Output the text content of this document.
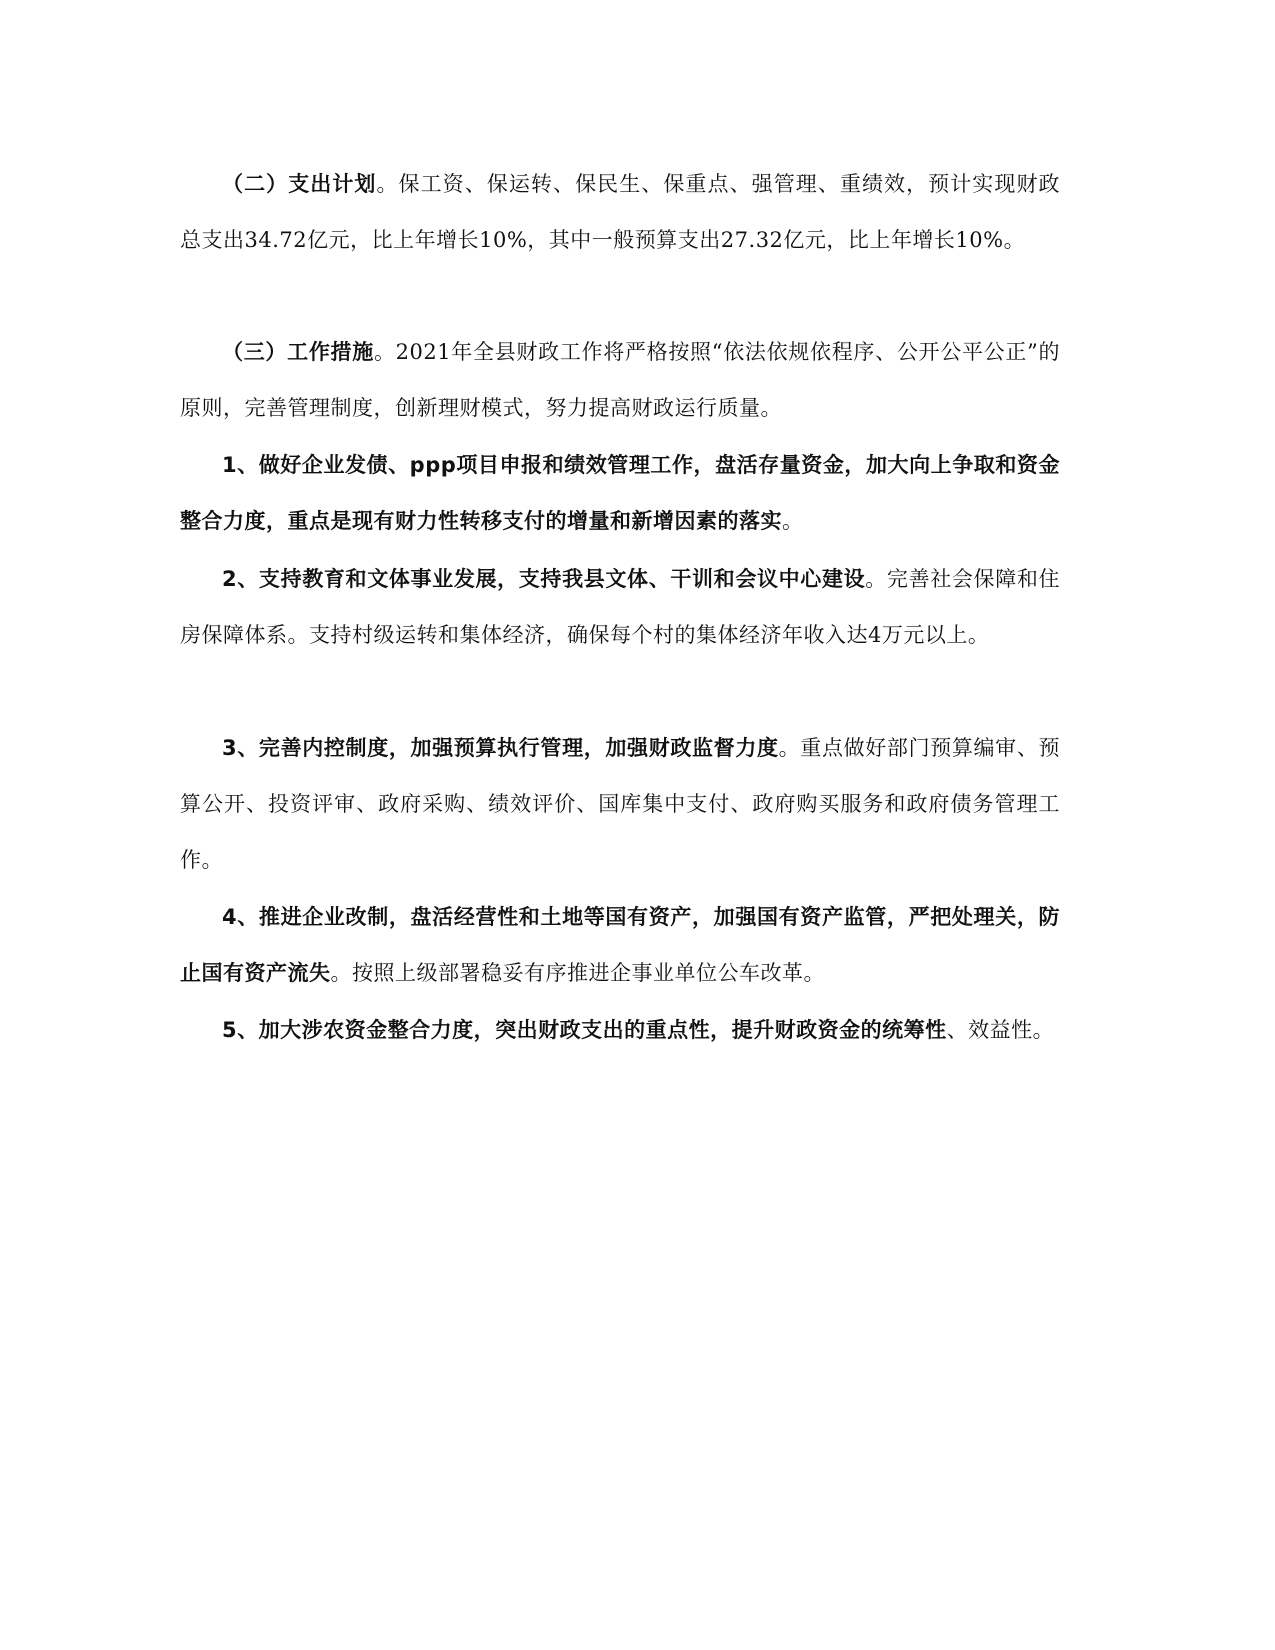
（二）支出计划。保工资、保运转、保民生、保重点、强管理、重绩效，预计实现财政总支出34.72亿元，比上年增长10%，其中一般预算支出27.32亿元，比上年增长10%。

（三）工作措施。2021年全县财政工作将严格按照“依法依规依程序、公开公平公正”的原则，完善管理制度，创新理财模式，努力提高财政运行质量。

1、做好企业发债、ppp项目申报和绩效管理工作，盘活存量资金，加大向上争取和资金整合力度，重点是现有财力性转移支付的增量和新增因素的落实。

2、支持教育和文体事业发展，支持我县文体、干训和会议中心建设。完善社会保障和住房保障体系。支持村级运转和集体经济，确保每个村的集体经济年收入达4万元以上。

3、完善内控制度，加强预算执行管理，加强财政监督力度。重点做好部门预算编审、预算公开、投资评审、政府采购、绩效评价、国库集中支付、政府购买服务和政府债务管理工作。

4、推进企业改制，盘活经营性和土地等国有资产，加强国有资产监管，严把处理关，防止国有资产流失。按照上级部署稳妥有序推进企事业单位公车改革。

5、加大涉农资金整合力度，突出财政支出的重点性，提升财政资金的统筹性、效益性。
